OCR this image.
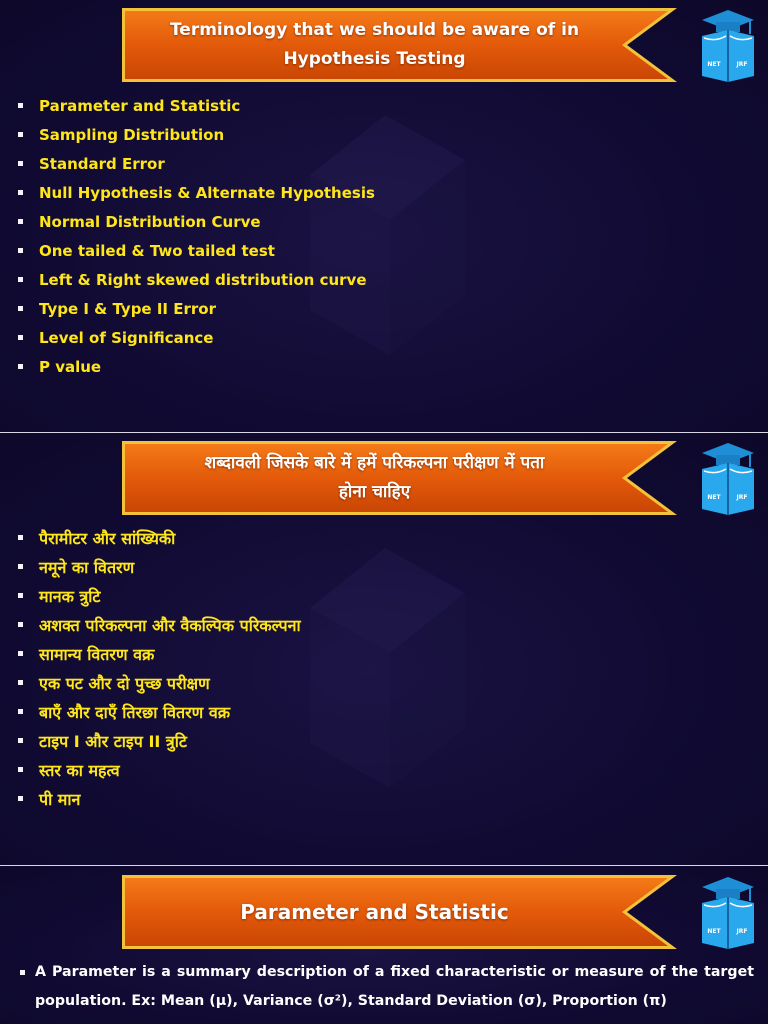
Terminology that we should be aware of in
Hypothesis Testing	NET	JRF
Parameter and Statistic
Sampling Distribution
Standard Error
Null Hypothesis & Alternate Hypothesis
Normal Distribution Curve
One tailed & Two tailed test
Left & Right skewed distribution curve
Type I & Type II Error
Level of Significance
P value
शब्दावली जिसके बारे में हमें परिकल्पना परीक्षण में पता
होना चाहिए	NET	JRF
पैरामीटर और सांख्यिकी
नमूने का वितरण
मानक त्रुटि
अशक्त परिकल्पना और वैकल्पिक परिकल्पना
सामान्य वितरण वक्र
एक पट और दो पुच्छ परीक्षण
बाएँ और दाएँ तिरछा वितरण वक्र
टाइप I और टाइप II त्रुटि
स्तर का महत्व
पी मान
Parameter and Statistic
NET	JRF
A Parameter is a summary description of a fixed characteristic or measure of the target population. Ex: Mean (μ), Variance (σ²), Standard Deviation (σ), Proportion (π)
